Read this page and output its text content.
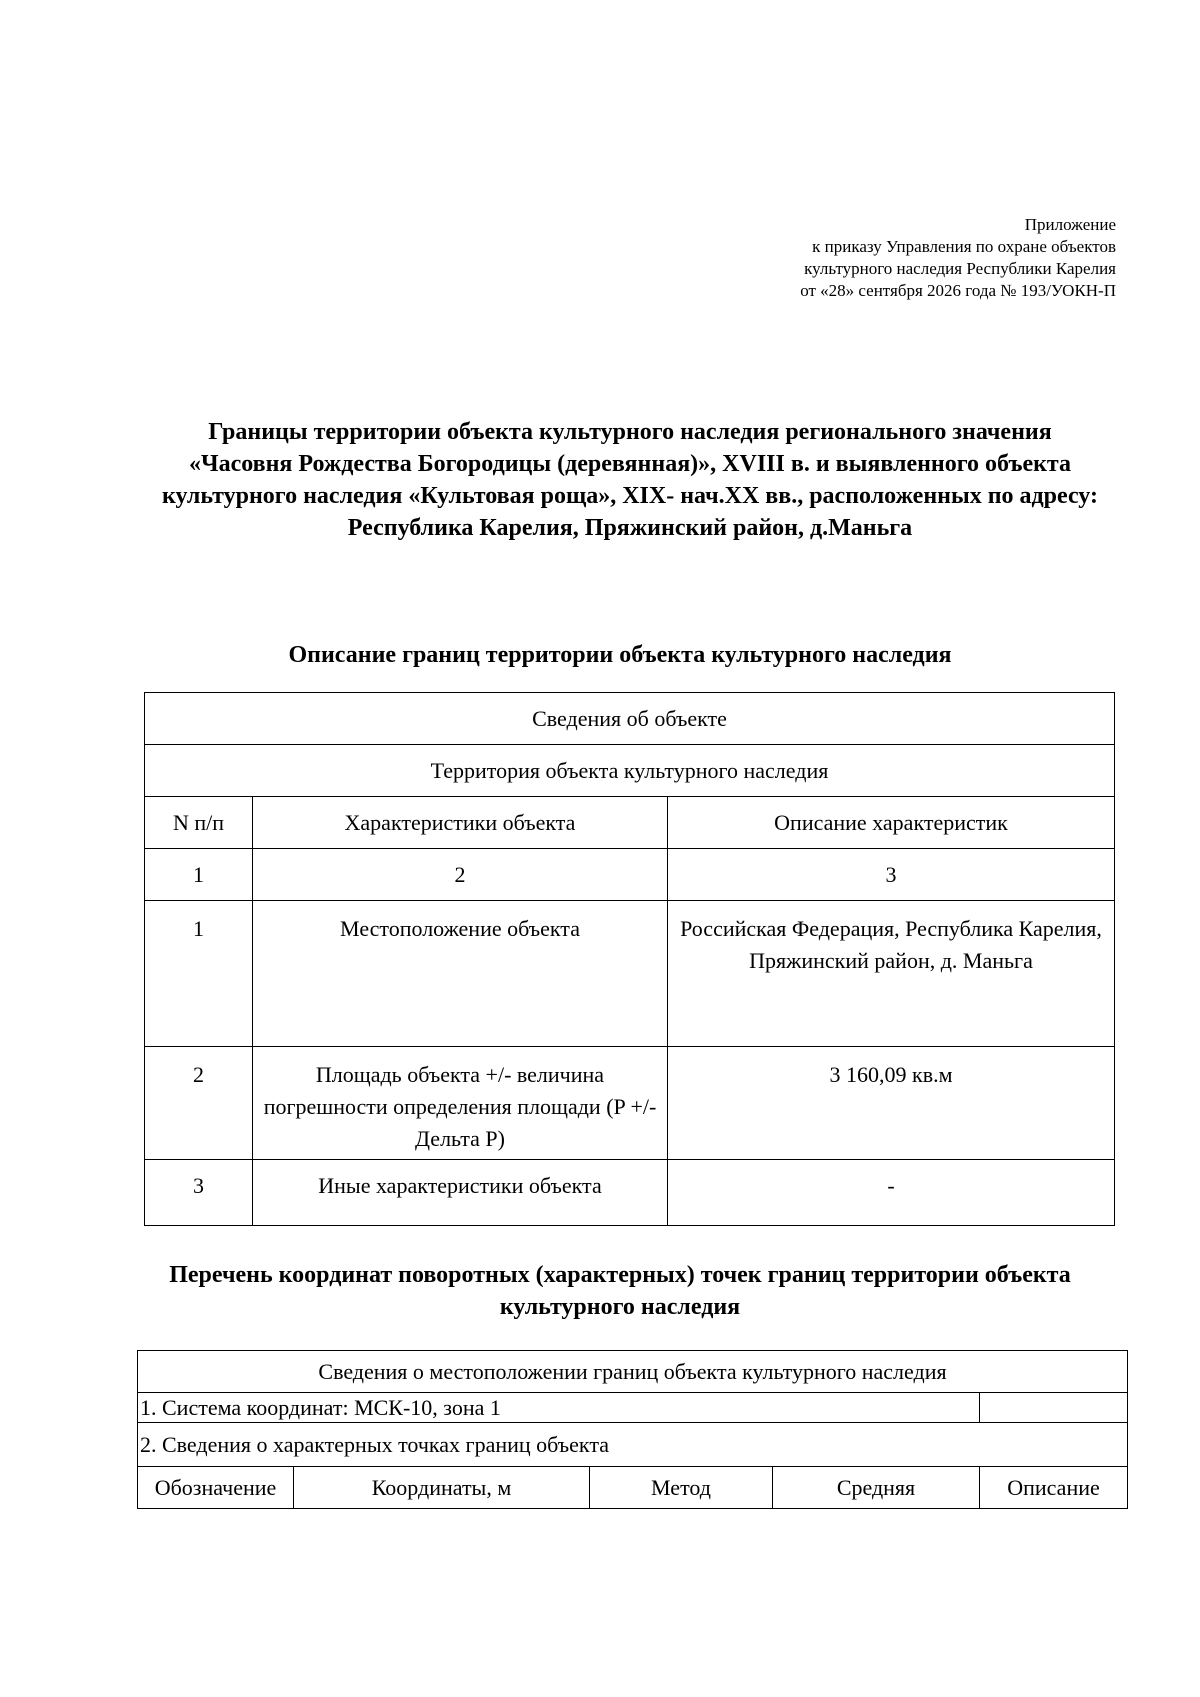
Приложение
к приказу Управления по охране объектов
культурного наследия Республики Карелия
от «28» сентября 2026 года № 193/УОКН-П
Границы территории объекта культурного наследия регионального значения «Часовня Рождества Богородицы (деревянная)», XVIII в. и выявленного объекта культурного наследия «Культовая роща», XIX- нач.XX вв., расположенных по адресу: Республика Карелия, Пряжинский район, д.Маньга
Описание границ территории объекта культурного наследия
Сведения об объекте		
Территория объекта культурного наследия		
N п/п	Характеристики объекта	Описание характеристик
1	2	3
1	Местоположение объекта	Российская Федерация, Республика Карелия, Пряжинский район, д. Маньга
2	Площадь объекта +/- величина погрешности определения площади (P +/- Дельта P)	3 160,09 кв.м
3	Иные характеристики объекта	-
Перечень координат поворотных (характерных) точек границ территории объекта культурного наследия
Сведения о местоположении границ объекта культурного наследия				
1. Система координат: МСК-10, зона 1				
2. Сведения о характерных точках границ объекта				
Обозначение	Координаты, м	Метод	Средняя	Описание
